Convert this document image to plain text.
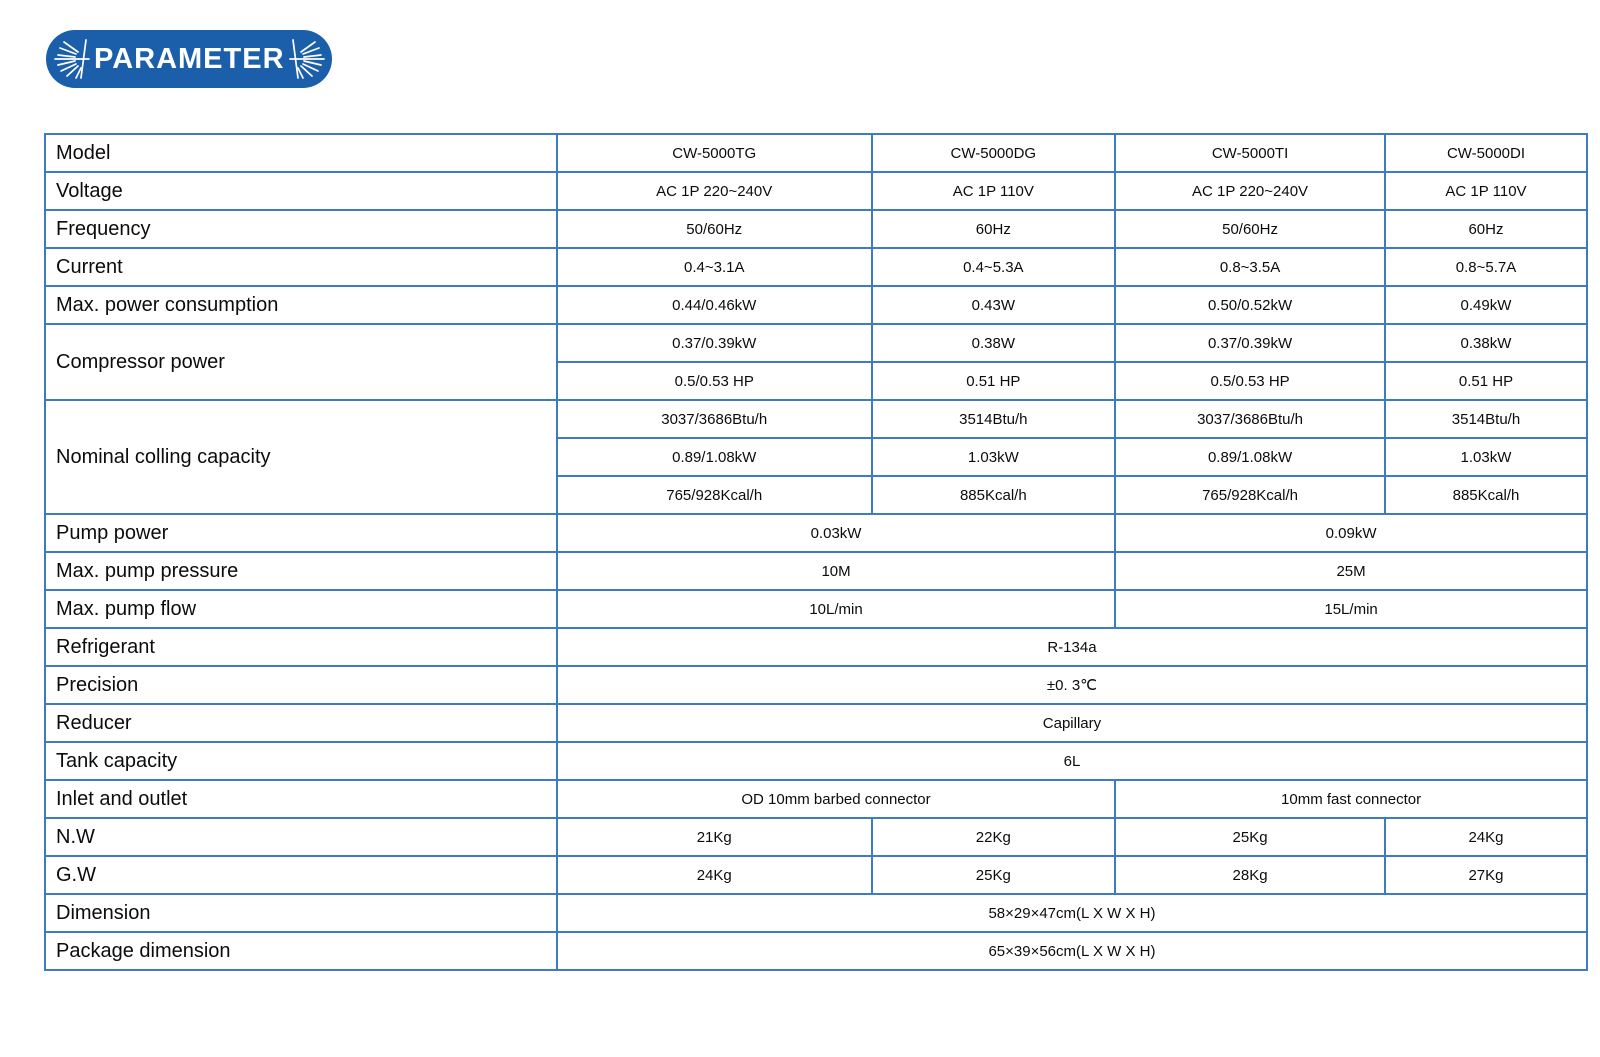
PARAMETER
Model	CW-5000TG	CW-5000DG	CW-5000TI	CW-5000DI
Voltage	AC 1P 220~240V	AC 1P 110V	AC 1P 220~240V	AC 1P 110V
Frequency	50/60Hz	60Hz	50/60Hz	60Hz
Current	0.4~3.1A	0.4~5.3A	0.8~3.5A	0.8~5.7A
Max. power consumption	0.44/0.46kW	0.43W	0.50/0.52kW	0.49kW
Compressor power	0.37/0.39kW	0.38W	0.37/0.39kW	0.38kW
	0.5/0.53 HP	0.51 HP	0.5/0.53 HP	0.51 HP
Nominal colling capacity	3037/3686Btu/h	3514Btu/h	3037/3686Btu/h	3514Btu/h
	0.89/1.08kW	1.03kW	0.89/1.08kW	1.03kW
	765/928Kcal/h	885Kcal/h	765/928Kcal/h	885Kcal/h
Pump power	0.03kW		0.09kW	
Max. pump pressure	10M		25M	
Max. pump flow	10L/min		15L/min	
Refrigerant	R-134a			
Precision	±0. 3℃			
Reducer	Capillary			
Tank capacity	6L			
Inlet and outlet	OD 10mm barbed connector		10mm fast connector	
N.W	21Kg	22Kg	25Kg	24Kg
G.W	24Kg	25Kg	28Kg	27Kg
Dimension	58×29×47cm(L X W X H)			
Package dimension	65×39×56cm(L X W X H)			
